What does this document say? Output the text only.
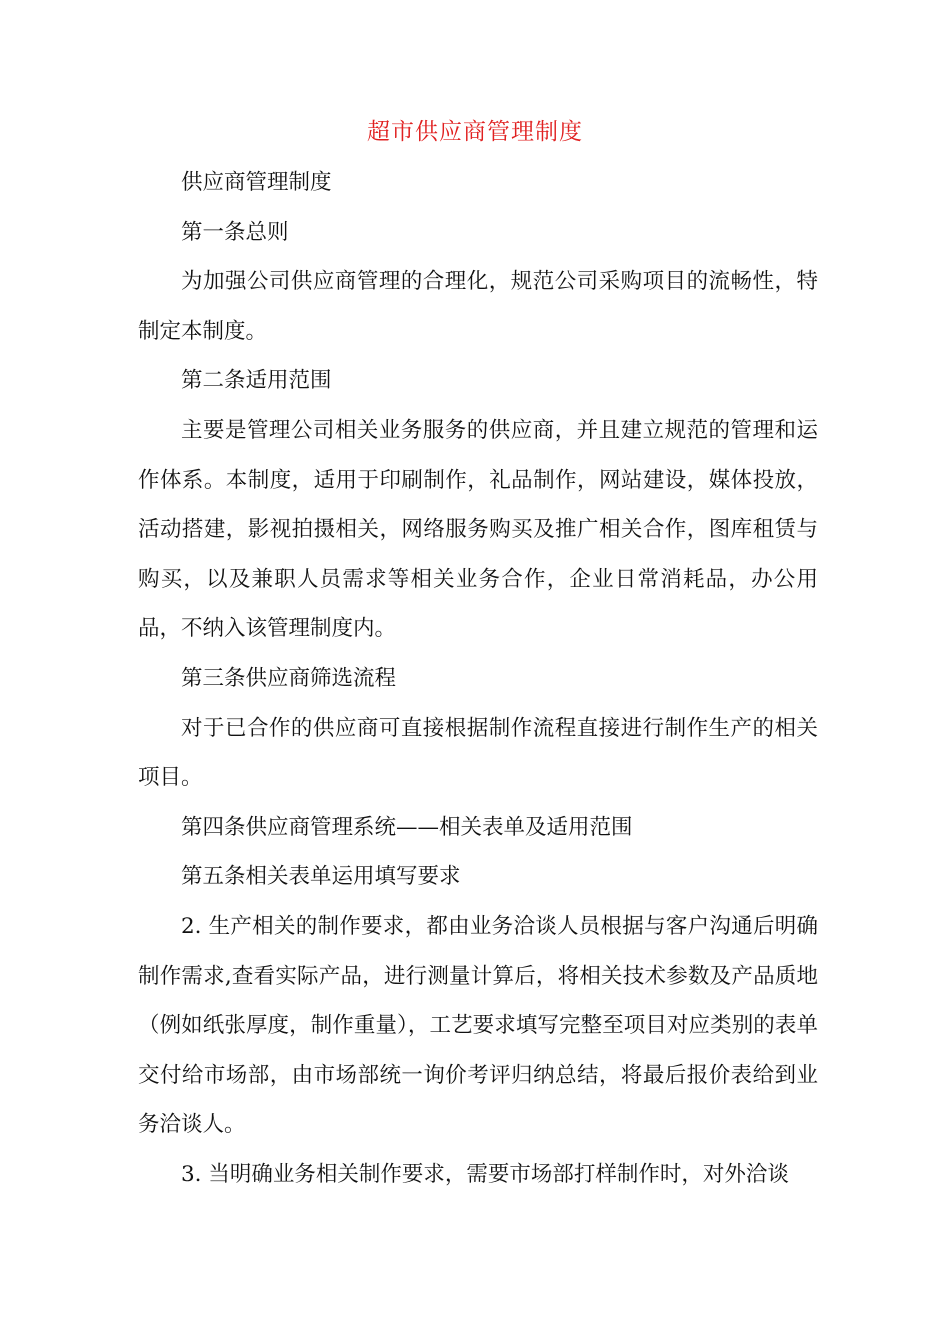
超市供应商管理制度

供应商管理制度

第一条总则

为加强公司供应商管理的合理化，规范公司采购项目的流畅性，特制定本制度。

第二条适用范围

主要是管理公司相关业务服务的供应商，并且建立规范的管理和运作体系。本制度，适用于印刷制作，礼品制作，网站建设，媒体投放，活动搭建，影视拍摄相关，网络服务购买及推广相关合作，图库租赁与购买，以及兼职人员需求等相关业务合作，企业日常消耗品，办公用品，不纳入该管理制度内。

第三条供应商筛选流程

对于已合作的供应商可直接根据制作流程直接进行制作生产的相关项目。

第四条供应商管理系统——相关表单及适用范围

第五条相关表单运用填写要求

2. 生产相关的制作要求，都由业务洽谈人员根据与客户沟通后明确制作需求,查看实际产品，进行测量计算后，将相关技术参数及产品质地（例如纸张厚度，制作重量），工艺要求填写完整至项目对应类别的表单交付给市场部，由市场部统一询价考评归纳总结，将最后报价表给到业务洽谈人。

3. 当明确业务相关制作要求，需要市场部打样制作时，对外洽谈
